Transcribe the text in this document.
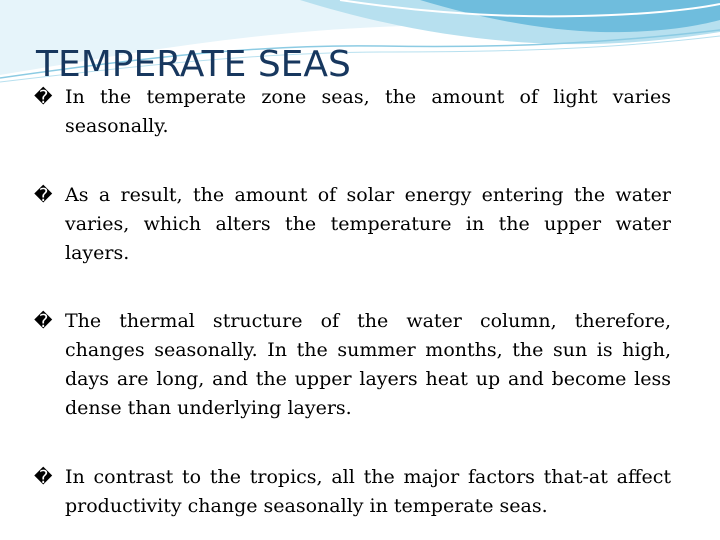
TEMPERATE SEAS
� In the temperate zone seas, the amount of light varies seasonally.
� As a result, the amount of solar energy entering the water varies, which alters the temperature in the upper water layers.
� The thermal structure of the water column, therefore, changes seasonally. In the summer months, the sun is high, days are long, and the upper layers heat up and become less dense than underlying layers.
� In contrast to the tropics, all the major factors that-at affect productivity change seasonally in temperate seas.
